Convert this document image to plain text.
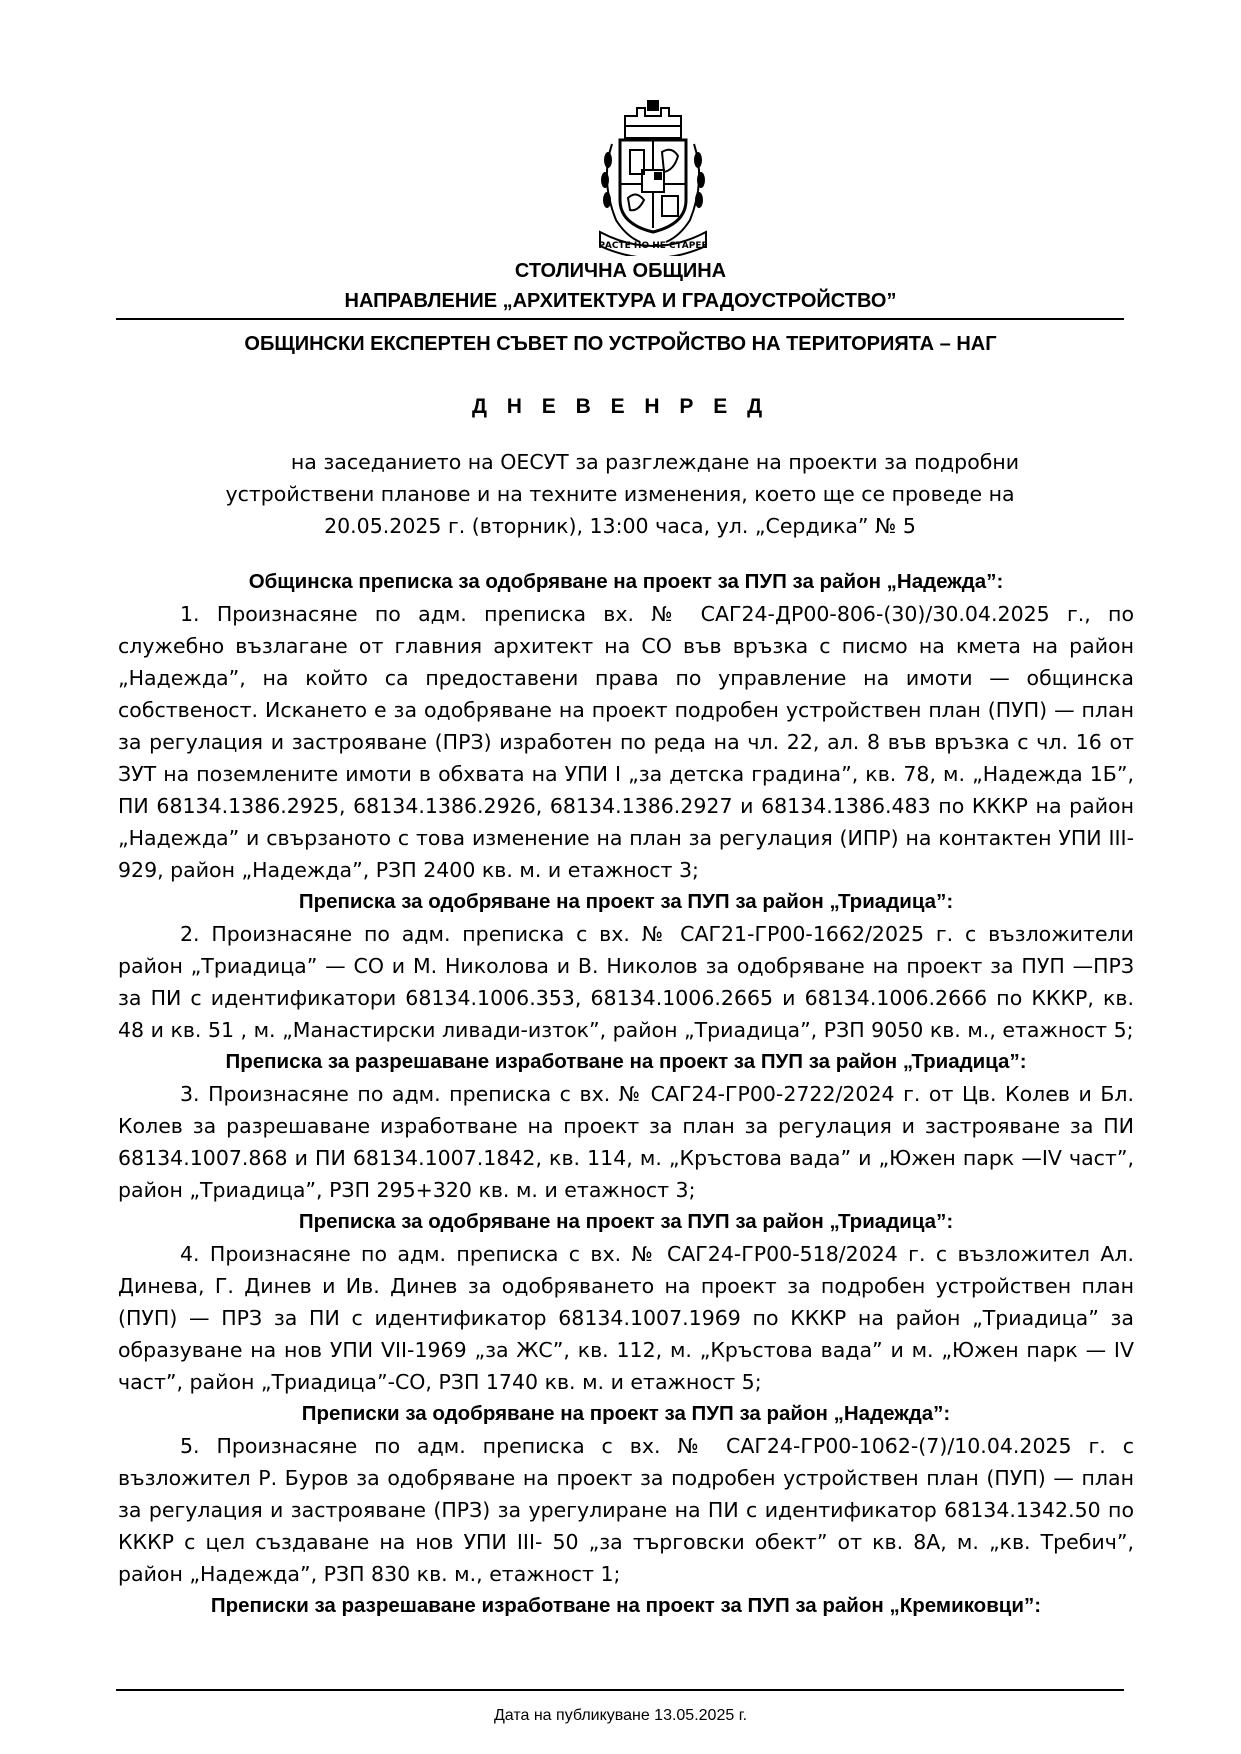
РАСТЕ НО НЕ СТАРЕЕ
СТОЛИЧНА ОБЩИНА
НАПРАВЛЕНИЕ „АРХИТЕКТУРА И ГРАДОУСТРОЙСТВО”
ОБЩИНСКИ ЕКСПЕРТЕН СЪВЕТ ПО УСТРОЙСТВО НА ТЕРИТОРИЯТА – НАГ
Д Н Е В Е Н Р Е Д
на заседанието на ОЕСУТ за разглеждане на проекти за подробни
устройствени планове и на техните изменения, което ще се проведе на
20.05.2025 г. (вторник), 13:00 часа, ул. „Сердика” № 5

Общинска преписка за одобряване на проект за ПУП за район „Надежда”:

1. Произнасяне по адм. преписка вх. № САГ24-ДР00-806-(30)/30.04.2025 г., по служебно възлагане от главния архитект на СО във връзка с писмо на кмета на район „Надежда”, на който са предоставени права по управление на имоти — общинска собственост. Искането е за одобряване на проект подробен устройствен план (ПУП) — план за регулация и застрояване (ПРЗ) изработен по реда на чл. 22, ал. 8 във връзка с чл. 16 от ЗУТ на поземлените имоти в обхвата на УПИ I „за детска градина”, кв. 78, м. „Надежда 1Б”, ПИ 68134.1386.2925, 68134.1386.2926, 68134.1386.2927 и 68134.1386.483 по КККР на район „Надежда” и свързаното с това изменение на план за регулация (ИПР) на контактен УПИ III-929, район „Надежда”, РЗП 2400 кв. м. и етажност 3;

Преписка за одобряване на проект за ПУП за район „Триадица”:

2. Произнасяне по адм. преписка с вх. № САГ21-ГР00-1662/2025 г. с възложители район „Триадица” — СО и М. Николова и В. Николов за одобряване на проект за ПУП —ПРЗ за ПИ с идентификатори 68134.1006.353, 68134.1006.2665 и 68134.1006.2666 по КККР, кв. 48 и кв. 51 , м. „Манастирски ливади-изток”, район „Триадица”, РЗП 9050 кв. м., етажност 5;

Преписка за разрешаване изработване на проект за ПУП за район „Триадица”:

3. Произнасяне по адм. преписка с вх. № САГ24-ГР00-2722/2024 г. от Цв. Колев и Бл. Колев за разрешаване изработване на проект за план за регулация и застрояване за ПИ 68134.1007.868 и ПИ 68134.1007.1842, кв. 114, м. „Кръстова вада” и „Южен парк —IV част”, район „Триадица”, РЗП 295+320 кв. м. и етажност 3;

Преписка за одобряване на проект за ПУП за район „Триадица”:

4. Произнасяне по адм. преписка с вх. № САГ24-ГР00-518/2024 г. с възложител Ал. Динева, Г. Динев и Ив. Динев за одобряването на проект за подробен устройствен план (ПУП) — ПРЗ за ПИ с идентификатор 68134.1007.1969 по КККР на район „Триадица” за образуване на нов УПИ VII-1969 „за ЖС”, кв. 112, м. „Кръстова вада” и м. „Южен парк — IV част”, район „Триадица”-СО, РЗП 1740 кв. м. и етажност 5;

Преписки за одобряване на проект за ПУП за район „Надежда”:

5. Произнасяне по адм. преписка с вх. № САГ24-ГР00-1062-(7)/10.04.2025 г. с възложител Р. Буров за одобряване на проект за подробен устройствен план (ПУП) — план за регулация и застрояване (ПРЗ) за урегулиране на ПИ с идентификатор 68134.1342.50 по КККР с цел създаване на нов УПИ III- 50 „за търговски обект” от кв. 8А, м. „кв. Требич”, район „Надежда”, РЗП 830 кв. м., етажност 1;

Преписки за разрешаване изработване на проект за ПУП за район „Кремиковци”:

Дата на публикуване 13.05.2025 г.
